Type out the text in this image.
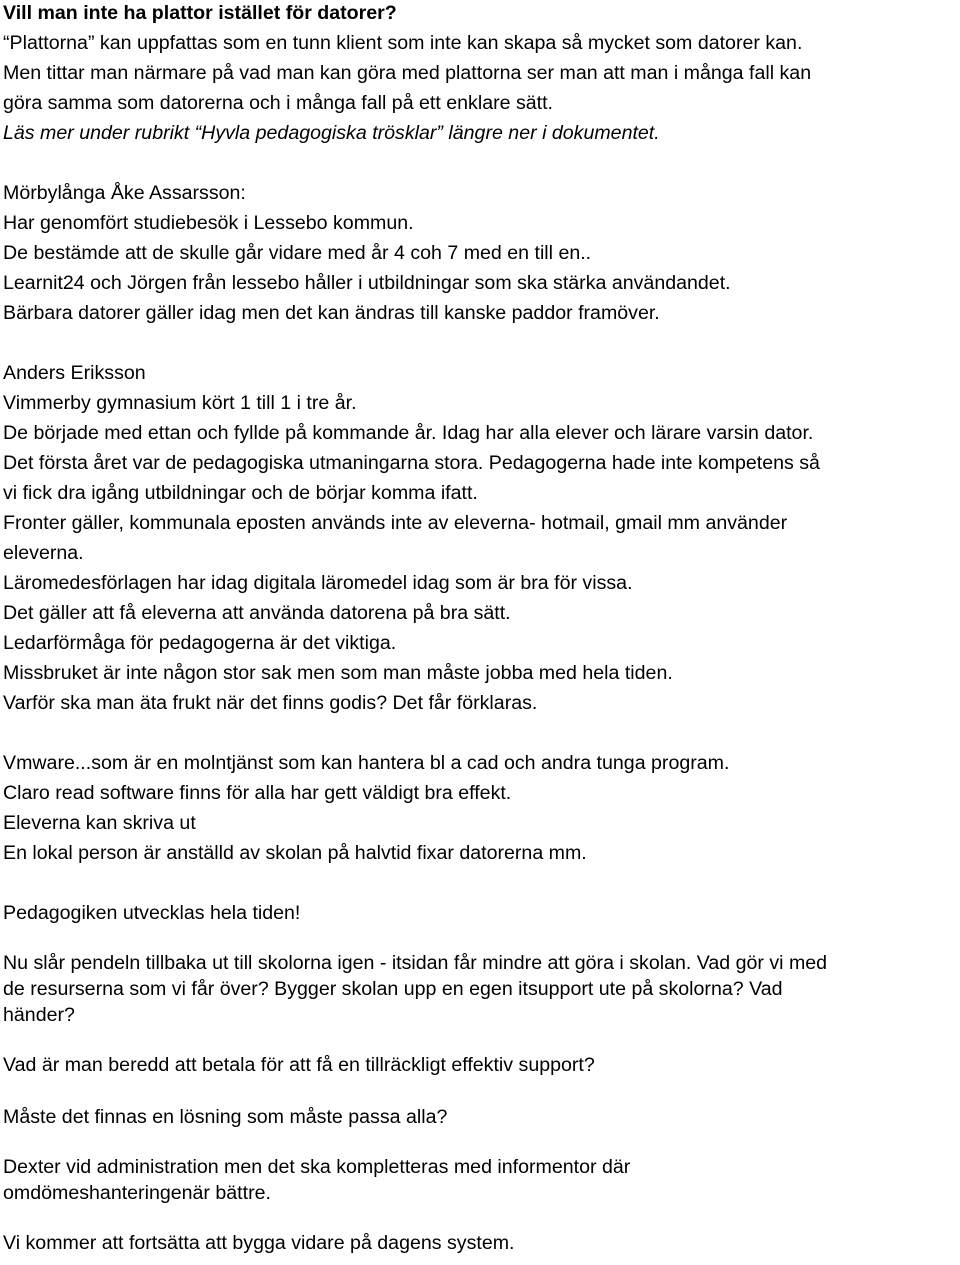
Vill man inte ha plattor istället för datorer?
“Plattorna” kan uppfattas som en tunn klient som inte kan skapa så mycket som datorer kan.
Men tittar man närmare på vad man kan göra med plattorna ser man att man i många fall kan
göra samma som datorerna och i många fall på ett enklare sätt.
Läs mer under rubrikt “Hyvla pedagogiska trösklar” längre ner i dokumentet.
Mörbylånga Åke Assarsson:
Har genomfört studiebesök i Lessebo kommun.
De bestämde att de skulle går vidare med år 4 coh 7 med en till en..
Learnit24 och Jörgen från lessebo håller i utbildningar som ska stärka användandet.
Bärbara datorer gäller idag men det kan ändras till kanske paddor framöver.
Anders Eriksson
Vimmerby gymnasium kört 1 till 1 i tre år.
De började med ettan och fyllde på kommande år. Idag har alla elever och lärare varsin dator.
Det första året var de pedagogiska utmaningarna stora. Pedagogerna hade inte kompetens så
vi fick dra igång utbildningar och de börjar komma ifatt.
Fronter gäller, kommunala eposten används inte av eleverna- hotmail, gmail mm använder
eleverna.
Läromedesförlagen har idag digitala läromedel idag som är bra för vissa.
Det gäller att få eleverna att använda datorena på bra sätt.
Ledarförmåga för pedagogerna är det viktiga.
Missbruket är inte någon stor sak men som man måste jobba med hela tiden.
Varför ska man äta frukt när det finns godis? Det får förklaras.
Vmware...som är en molntjänst som kan hantera bl a cad och andra tunga program.
Claro read software finns för alla har gett väldigt bra effekt.
Eleverna kan skriva ut
En lokal person är anställd av skolan på halvtid fixar datorerna mm.
Pedagogiken utvecklas hela tiden!
Nu slår pendeln tillbaka ut till skolorna igen - itsidan får mindre att göra i skolan. Vad gör vi med
de resurserna som vi får över? Bygger skolan upp en egen itsupport ute på skolorna? Vad
händer?
Vad är man beredd att betala för att få en tillräckligt effektiv support?
Måste det finnas en lösning som måste passa alla?
Dexter vid administration men det ska kompletteras med informentor där
omdömeshanteringenär bättre.
Vi kommer att fortsätta att bygga vidare på dagens system.
